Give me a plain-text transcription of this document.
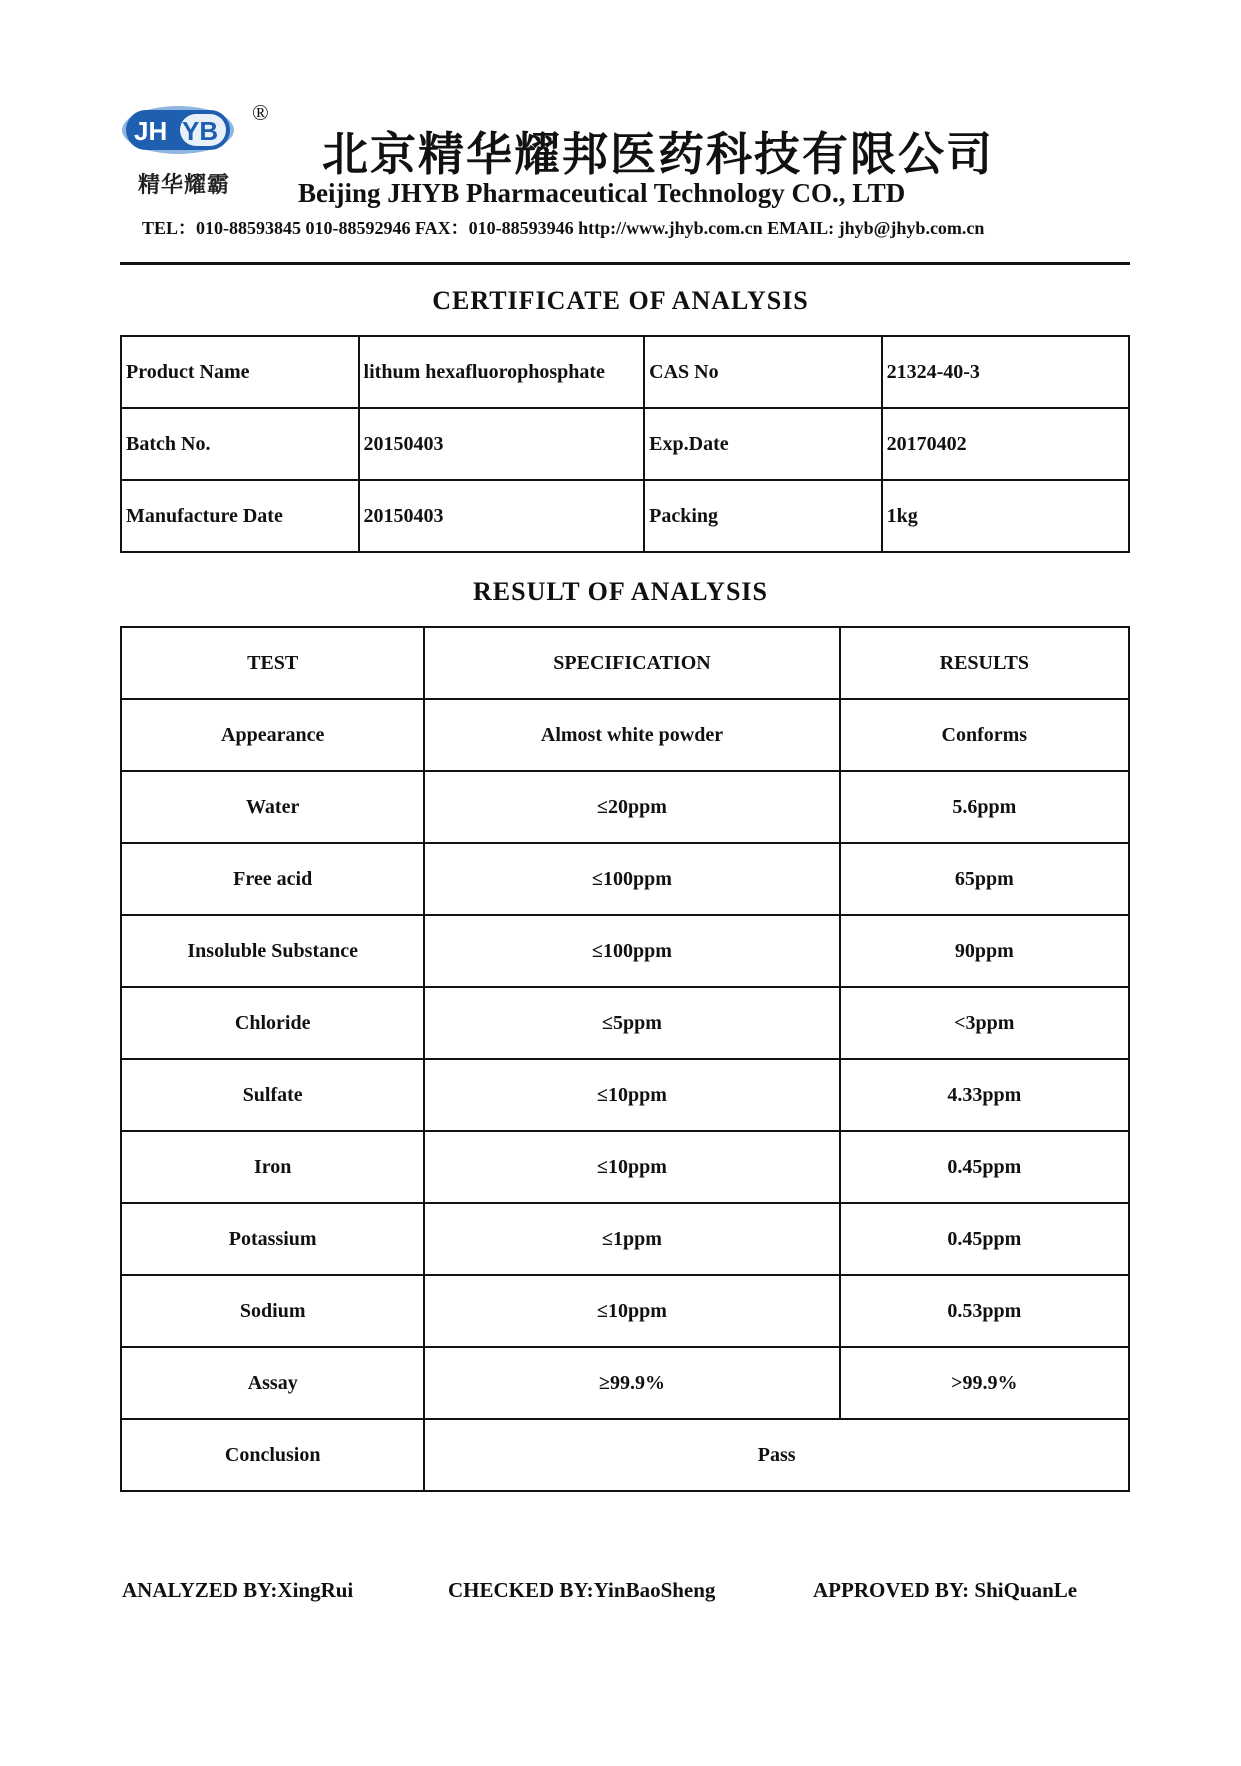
JH YB
®
精华耀霸
北京精华耀邦医药科技有限公司
Beijing JHYB Pharmaceutical Technology CO., LTD
TEL：010-88593845 010-88592946 FAX：010-88593946 http://www.jhyb.com.cn EMAIL: jhyb@jhyb.com.cn
CERTIFICATE OF ANALYSIS
Product Name	lithum hexafluorophosphate	CAS No	21324-40-3
Batch No.	20150403	Exp.Date	20170402
Manufacture Date	20150403	Packing	1kg
RESULT OF ANALYSIS
TEST	SPECIFICATION	RESULTS
Appearance	Almost white powder	Conforms
Water	≤20ppm	5.6ppm
Free acid	≤100ppm	65ppm
Insoluble Substance	≤100ppm	90ppm
Chloride	≤5ppm	<3ppm
Sulfate	≤10ppm	4.33ppm
Iron	≤10ppm	0.45ppm
Potassium	≤1ppm	0.45ppm
Sodium	≤10ppm	0.53ppm
Assay	≥99.9%	>99.9%
Conclusion	Pass	
ANALYZED BY:XingRui	CHECKED BY:YinBaoSheng	APPROVED BY: ShiQuanLe
